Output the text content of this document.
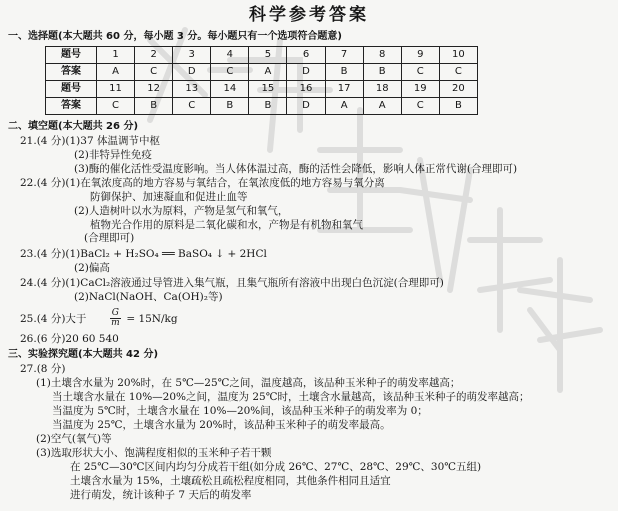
科学参考答案
一、选择题(本大题共 60 分，每小题 3 分。每小题只有一个选项符合题意)
题号	1	2	3	4	5	6	7	8	9	10
答案	A	C	D	C	A	D	B	B	C	C
题号	11	12	13	14	15	16	17	18	19	20
答案	C	B	C	B	B	D	A	A	C	B
二、填空题(本大题共 26 分)
21.(4 分)(1)37 体温调节中枢
(2)非特异性免疫
(3)酶的催化活性受温度影响。当人体体温过高，酶的活性会降低，影响人体正常代谢(合理即可)
22.(4 分)(1)在氧浓度高的地方容易与氧结合，在氧浓度低的地方容易与氧分离
防御保护、加速凝血和促进止血等
(2)人造树叶以水为原料，产物是氢气和氧气，
植物光合作用的原料是二氧化碳和水，产物是有机物和氧气
(合理即可)
23.(4 分)(1)BaCl₂ + H₂SO₄ ══ BaSO₄ ↓ + 2HCl
(2)偏高
24.(4 分)(1)CaCl₂溶液通过导管进入集气瓶，且集气瓶所有溶液中出现白色沉淀(合理即可)
(2)NaCl(NaOH、Ca(OH)₂等)
25.(4 分)大于	$\frac{G}{m} = 15N/kg$
26.(6 分)20 60 540
三、实验探究题(本大题共 42 分)
27.(8 分)
(1)土壤含水量为 20%时，在 5℃—25℃之间，温度越高，该品种玉米种子的萌发率越高；
当土壤含水量在 10%—20%之间，温度为 25℃时，土壤含水量越高，该品种玉米种子的萌发率越高；
当温度为 5℃时，土壤含水量在 10%—20%间，该品种玉米种子的萌发率为 0；
当温度为 25℃，土壤含水量为 20%时，该品种玉米种子的萌发率最高。
(2)空气(氧气)等
(3)选取形状大小、饱满程度相似的玉米种子若干颗
在 25℃—30℃区间内均匀分成若干组(如分成 26℃、27℃、28℃、29℃、30℃五组)
土壤含水量为 15%，土壤疏松且疏松程度相同，其他条件相同且适宜
进行萌发，统计该种子 7 天后的萌发率
